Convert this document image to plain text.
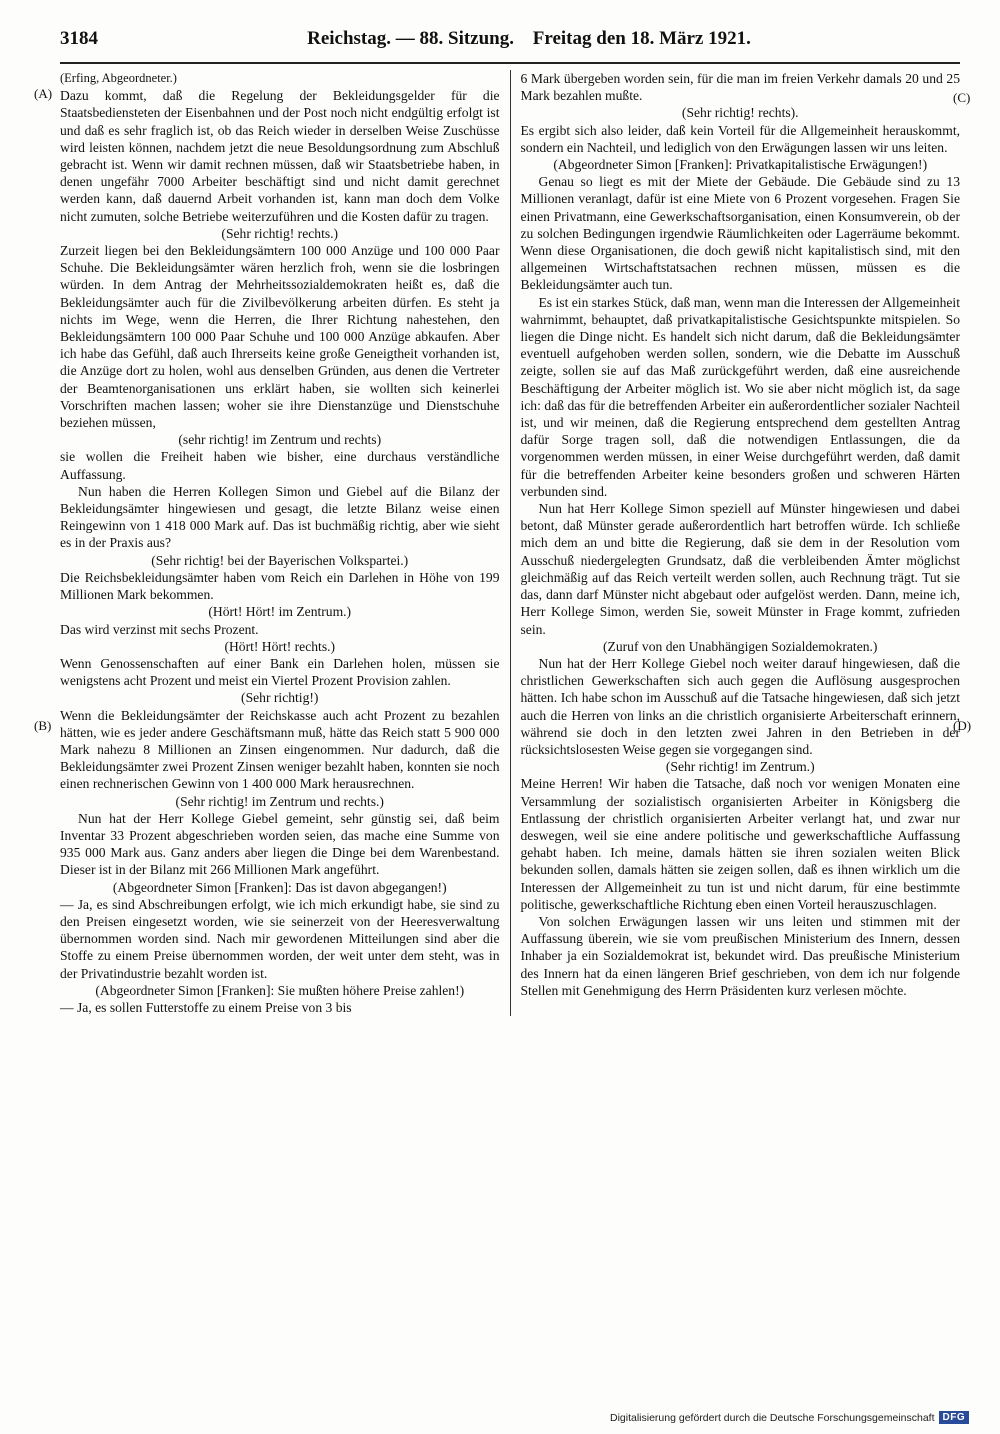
3184	Reichstag. — 88. Sitzung. Freitag den 18. März 1921.

(Erfing, Abgeordneter.)

Dazu kommt, daß die Regelung der Bekleidungsgelder für die Staatsbediensteten der Eisenbahnen und der Post noch nicht endgültig erfolgt ist und daß es sehr fraglich ist, ob das Reich wieder in derselben Weise Zuschüsse wird leisten können, nachdem jetzt die neue Besoldungsordnung zum Abschluß gebracht ist. Wenn wir damit rechnen müssen, daß wir Staatsbetriebe haben, in denen ungefähr 7000 Arbeiter beschäftigt sind und nicht damit gerechnet werden kann, daß dauernd Arbeit vorhanden ist, kann man doch dem Volke nicht zumuten, solche Betriebe weiterzuführen und die Kosten dafür zu tragen.

(Sehr richtig! rechts.)

Zurzeit liegen bei den Bekleidungsämtern 100 000 Anzüge und 100 000 Paar Schuhe. Die Bekleidungsämter wären herzlich froh, wenn sie die losbringen würden. In dem Antrag der Mehrheitssozialdemokraten heißt es, daß die Bekleidungsämter auch für die Zivilbevölkerung arbeiten dürfen. Es steht ja nichts im Wege, wenn die Herren, die Ihrer Richtung nahestehen, den Bekleidungsämtern 100 000 Paar Schuhe und 100 000 Anzüge abkaufen. Aber ich habe das Gefühl, daß auch Ihrerseits keine große Geneigtheit vorhanden ist, die Anzüge dort zu holen, wohl aus denselben Gründen, aus denen die Vertreter der Beamtenorganisationen uns erklärt haben, sie wollten sich keinerlei Vorschriften machen lassen; woher sie ihre Dienstanzüge und Dienstschuhe beziehen müssen,

(sehr richtig! im Zentrum und rechts)

sie wollen die Freiheit haben wie bisher, eine durchaus verständliche Auffassung.

Nun haben die Herren Kollegen Simon und Giebel auf die Bilanz der Bekleidungsämter hingewiesen und gesagt, die letzte Bilanz weise einen Reingewinn von 1 418 000 Mark auf. Das ist buchmäßig richtig, aber wie sieht es in der Praxis aus?

(Sehr richtig! bei der Bayerischen Volkspartei.)

Die Reichsbekleidungsämter haben vom Reich ein Darlehen in Höhe von 199 Millionen Mark bekommen.

(Hört! Hört! im Zentrum.)

Das wird verzinst mit sechs Prozent.

(Hört! Hört! rechts.)

Wenn Genossenschaften auf einer Bank ein Darlehen holen, müssen sie wenigstens acht Prozent und meist ein Viertel Prozent Provision zahlen.

(Sehr richtig!)

Wenn die Bekleidungsämter der Reichskasse auch acht Prozent zu bezahlen hätten, wie es jeder andere Geschäftsmann muß, hätte das Reich statt 5 900 000 Mark nahezu 8 Millionen an Zinsen eingenommen. Nur dadurch, daß die Bekleidungsämter zwei Prozent Zinsen weniger bezahlt haben, konnten sie noch einen rechnerischen Gewinn von 1 400 000 Mark herausrechnen.

(Sehr richtig! im Zentrum und rechts.)

Nun hat der Herr Kollege Giebel gemeint, sehr günstig sei, daß beim Inventar 33 Prozent abgeschrieben worden seien, das mache eine Summe von 935 000 Mark aus. Ganz anders aber liegen die Dinge bei dem Warenbestand. Dieser ist in der Bilanz mit 266 Millionen Mark angeführt.

(Abgeordneter Simon [Franken]: Das ist davon abgegangen!)

— Ja, es sind Abschreibungen erfolgt, wie ich mich erkundigt habe, sie sind zu den Preisen eingesetzt worden, wie sie seinerzeit von der Heeresverwaltung übernommen worden sind. Nach mir gewordenen Mitteilungen sind aber die Stoffe zu einem Preise übernommen worden, der weit unter dem steht, was in der Privatindustrie bezahlt worden ist.

(Abgeordneter Simon [Franken]: Sie mußten höhere Preise zahlen!)

— Ja, es sollen Futterstoffe zu einem Preise von 3 bis

6 Mark übergeben worden sein, für die man im freien Verkehr damals 20 und 25 Mark bezahlen mußte.

(Sehr richtig! rechts).

Es ergibt sich also leider, daß kein Vorteil für die Allgemeinheit herauskommt, sondern ein Nachteil, und lediglich von den Erwägungen lassen wir uns leiten.

(Abgeordneter Simon [Franken]: Privatkapitalistische Erwägungen!)

Genau so liegt es mit der Miete der Gebäude. Die Gebäude sind zu 13 Millionen veranlagt, dafür ist eine Miete von 6 Prozent vorgesehen. Fragen Sie einen Privatmann, eine Gewerkschaftsorganisation, einen Konsumverein, ob der zu solchen Bedingungen irgendwie Räumlichkeiten oder Lagerräume bekommt. Wenn diese Organisationen, die doch gewiß nicht kapitalistisch sind, mit den allgemeinen Wirtschaftstatsachen rechnen müssen, müssen es die Bekleidungsämter auch tun.

Es ist ein starkes Stück, daß man, wenn man die Interessen der Allgemeinheit wahrnimmt, behauptet, daß privatkapitalistische Gesichtspunkte mitspielen. So liegen die Dinge nicht. Es handelt sich nicht darum, daß die Bekleidungsämter eventuell aufgehoben werden sollen, sondern, wie die Debatte im Ausschuß zeigte, sollen sie auf das Maß zurückgeführt werden, daß eine ausreichende Beschäftigung der Arbeiter möglich ist. Wo sie aber nicht möglich ist, da sage ich: daß das für die betreffenden Arbeiter ein außerordentlicher sozialer Nachteil ist, und wir meinen, daß die Regierung entsprechend dem gestellten Antrag dafür Sorge tragen soll, daß die notwendigen Entlassungen, die da vorgenommen werden müssen, in einer Weise durchgeführt werden, daß damit für die betreffenden Arbeiter keine besonders großen und schweren Härten verbunden sind.

Nun hat Herr Kollege Simon speziell auf Münster hingewiesen und dabei betont, daß Münster gerade außerordentlich hart betroffen würde. Ich schließe mich dem an und bitte die Regierung, daß sie dem in der Resolution vom Ausschuß niedergelegten Grundsatz, daß die verbleibenden Ämter möglichst gleichmäßig auf das Reich verteilt werden sollen, auch Rechnung trägt. Tut sie das, dann darf Münster nicht abgebaut oder aufgelöst werden. Dann, meine ich, Herr Kollege Simon, werden Sie, soweit Münster in Frage kommt, zufrieden sein.

(Zuruf von den Unabhängigen Sozialdemokraten.)

Nun hat der Herr Kollege Giebel noch weiter darauf hingewiesen, daß die christlichen Gewerkschaften sich auch gegen die Auflösung ausgesprochen hätten. Ich habe schon im Ausschuß auf die Tatsache hingewiesen, daß sich jetzt auch die Herren von links an die christlich organisierte Arbeiterschaft erinnern, während sie doch in den letzten zwei Jahren in den Betrieben in der rücksichtslosesten Weise gegen sie vorgegangen sind.

(Sehr richtig! im Zentrum.)

Meine Herren! Wir haben die Tatsache, daß noch vor wenigen Monaten eine Versammlung der sozialistisch organisierten Arbeiter in Königsberg die Entlassung der christlich organisierten Arbeiter verlangt hat, und zwar nur deswegen, weil sie eine andere politische und gewerkschaftliche Auffassung gehabt haben. Ich meine, damals hätten sie ihren sozialen weiten Blick bekunden sollen, damals hätten sie zeigen sollen, daß es ihnen wirklich um die Interessen der Allgemeinheit zu tun ist und nicht darum, für eine bestimmte politische, gewerkschaftliche Richtung eben einen Vorteil herauszuschlagen.

Von solchen Erwägungen lassen wir uns leiten und stimmen mit der Auffassung überein, wie sie vom preußischen Ministerium des Innern, dessen Inhaber ja ein Sozialdemokrat ist, bekundet wird. Das preußische Ministerium des Innern hat da einen längeren Brief geschrieben, von dem ich nur folgende Stellen mit Genehmigung des Herrn Präsidenten kurz verlesen möchte.

(A)
(B)
(C)
(D)
Digitalisierung gefördert durch die Deutsche Forschungsgemeinschaft DFG
